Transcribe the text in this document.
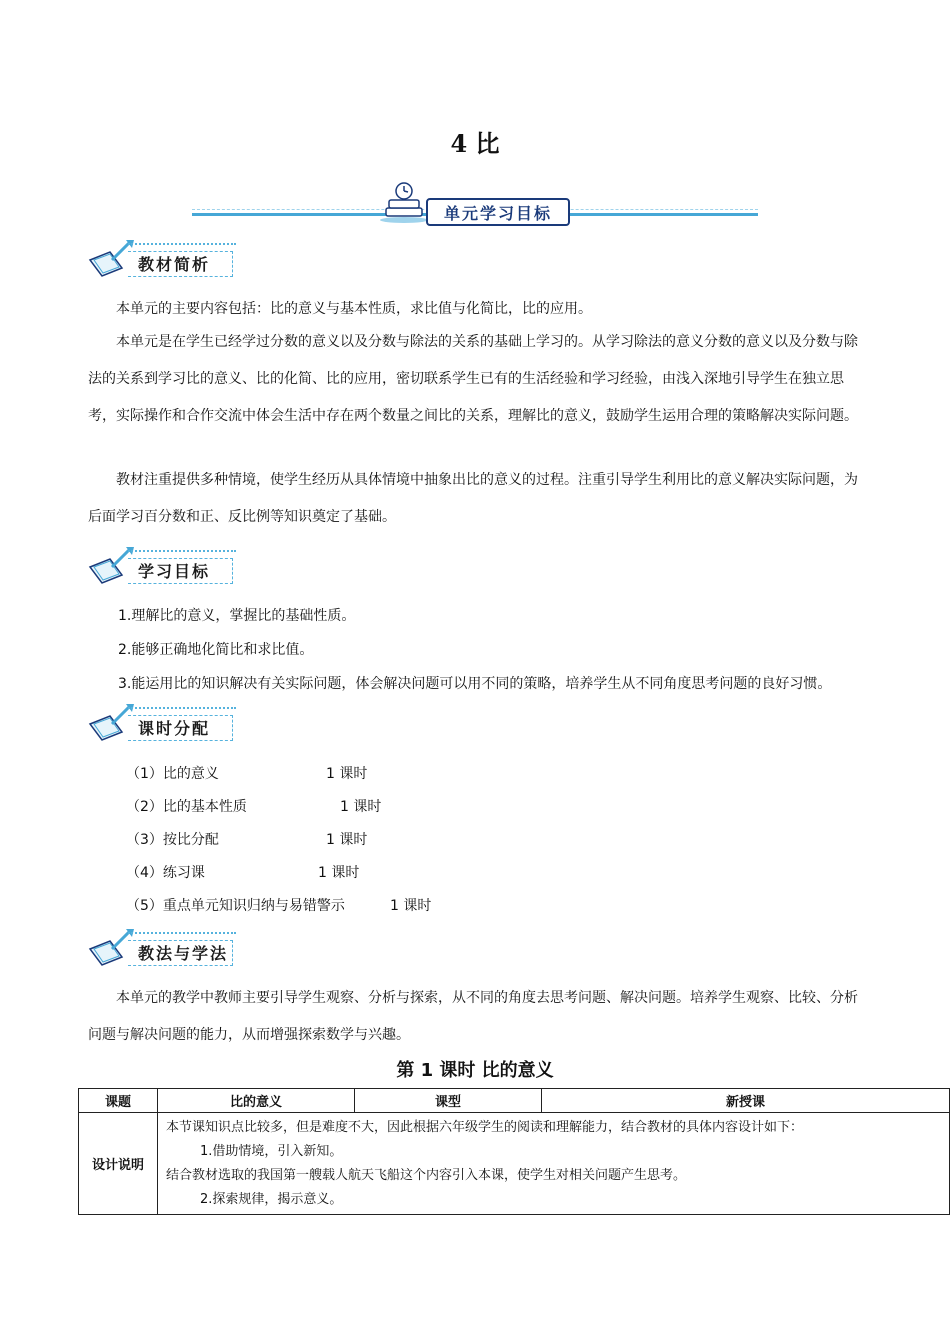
4 比
单元学习目标
教材简析
本单元的主要内容包括：比的意义与基本性质，求比值与化简比，比的应用。
本单元是在学生已经学过分数的意义以及分数与除法的关系的基础上学习的。从学习除法的意义分数的意义以及分数与除法的关系到学习比的意义、比的化简、比的应用，密切联系学生已有的生活经验和学习经验，由浅入深地引导学生在独立思考，实际操作和合作交流中体会生活中存在两个数量之间比的关系，理解比的意义，鼓励学生运用合理的策略解决实际问题。
教材注重提供多种情境，使学生经历从具体情境中抽象出比的意义的过程。注重引导学生利用比的意义解决实际问题，为后面学习百分数和正、反比例等知识奠定了基础。
学习目标
1.理解比的意义，掌握比的基础性质。
2.能够正确地化简比和求比值。
3.能运用比的知识解决有关实际问题，体会解决问题可以用不同的策略，培养学生从不同角度思考问题的良好习惯。
课时分配
（1）比的意义	1 课时
（2）比的基本性质	1 课时
（3）按比分配	1 课时
（4）练习课	1 课时
（5）重点单元知识归纳与易错警示	1 课时
教法与学法
本单元的教学中教师主要引导学生观察、分析与探索，从不同的角度去思考问题、解决问题。培养学生观察、比较、分析问题与解决问题的能力，从而增强探索数学与兴趣。
第 1 课时 比的意义
课题	比的意义	课型	新授课
设计说明	本节课知识点比较多，但是难度不大，因此根据六年级学生的阅读和理解能力，结合教材的具体内容设计如下：
1.借助情境，引入新知。
结合教材选取的我国第一艘载人航天飞船这个内容引入本课，使学生对相关问题产生思考。
2.探索规律，揭示意义。		
